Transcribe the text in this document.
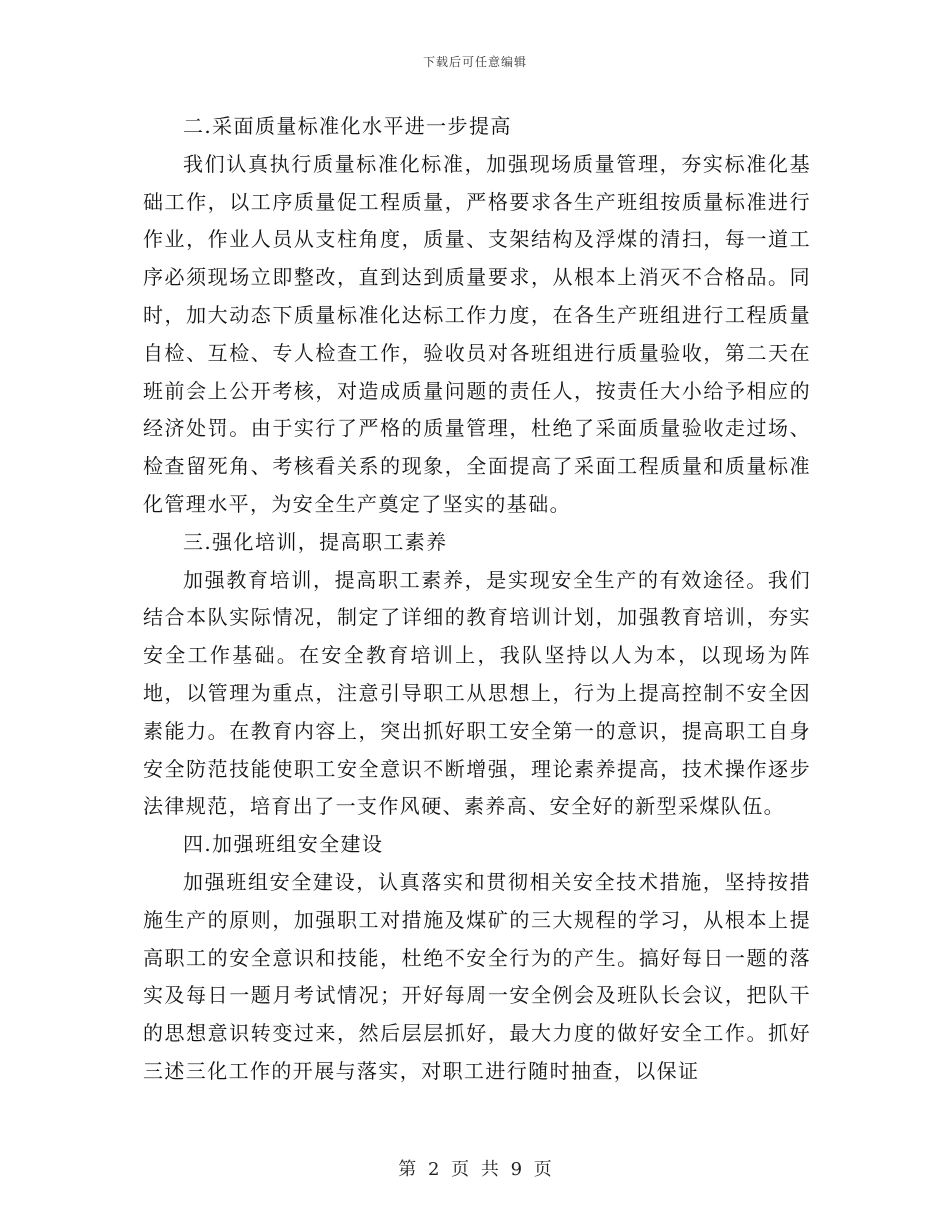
下载后可任意编辑

二.采面质量标准化水平进一步提高

我们认真执行质量标准化标准，加强现场质量管理，夯实标准化基础工作，以工序质量促工程质量，严格要求各生产班组按质量标准进行作业，作业人员从支柱角度，质量、支架结构及浮煤的清扫，每一道工序必须现场立即整改，直到达到质量要求，从根本上消灭不合格品。同时，加大动态下质量标准化达标工作力度，在各生产班组进行工程质量自检、互检、专人检查工作，验收员对各班组进行质量验收，第二天在班前会上公开考核，对造成质量问题的责任人，按责任大小给予相应的经济处罚。由于实行了严格的质量管理，杜绝了采面质量验收走过场、检查留死角、考核看关系的现象，全面提高了采面工程质量和质量标准化管理水平，为安全生产奠定了坚实的基础。

三.强化培训，提高职工素养

加强教育培训，提高职工素养，是实现安全生产的有效途径。我们结合本队实际情况，制定了详细的教育培训计划，加强教育培训，夯实安全工作基础。在安全教育培训上，我队坚持以人为本，以现场为阵地，以管理为重点，注意引导职工从思想上，行为上提高控制不安全因素能力。在教育内容上，突出抓好职工安全第一的意识，提高职工自身安全防范技能使职工安全意识不断增强，理论素养提高，技术操作逐步法律规范，培育出了一支作风硬、素养高、安全好的新型采煤队伍。

四.加强班组安全建设

加强班组安全建设，认真落实和贯彻相关安全技术措施，坚持按措施生产的原则，加强职工对措施及煤矿的三大规程的学习，从根本上提高职工的安全意识和技能，杜绝不安全行为的产生。搞好每日一题的落实及每日一题月考试情况；开好每周一安全例会及班队长会议，把队干的思想意识转变过来，然后层层抓好，最大力度的做好安全工作。抓好三述三化工作的开展与落实，对职工进行随时抽查，以保证

第 2 页 共 9 页
